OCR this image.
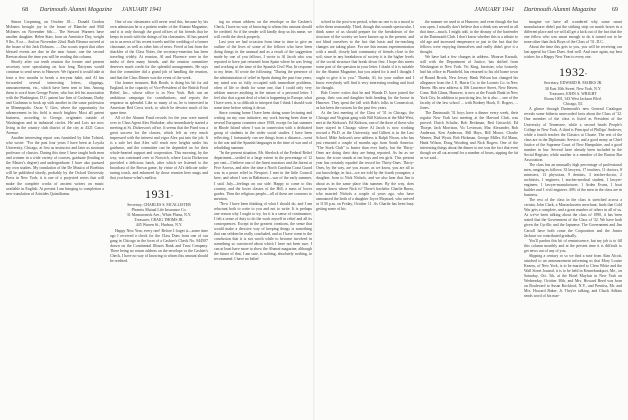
68 Dartmouth Alumni Magazine JANUARY 1941

Simon Corpening, on October 18..... Donald Gordon McInnes brought joy to the house of Blanche and Mill McInnes on November 6th..... The Stewart Warners have another daughter, Helen Starr, born on Armistice Day, weight 9 lbs., 8 oz.... And on November 22nd, Ruth Eleanor arrived at the house of the Jack Dobsons. .....Our scouts report that other blessed events are due in the near future, one the second Reeson about the time you will be reading this column.

Shortly after our tenth reunion the former and present secretary were speculating on how long Thirtyans would continue to send news to Hanover. We figured it would take at least a few months to break a ten-year habit, and Al has forwarded several interesting letters, clippings, announcements, etc., which have been sent to him. Among them is word from George Porter, who has left his association with the Washington, D.C. patent law firm of Cushman, Darby and Cushman to hook up with another in the same profession in Minneapolis. Oscar V. Gies, where the opportunity for advancement in his field is much brighter. Most all patent business, according to George, originates outside of Washington and in industrial circles. He and Lois are now living in the country club district of the city at 4321 Casco Avenue.

Another interesting report was furnished by John Tolsted, who wrote: "For the past four years I have been at Loyola University, Chicago, at first as instructor and later as assistant professor of classics. During this time I have taught both men and women in a wide variety of courses, graduate (leading to the Master's degree) and undergraduate. I have also pursued my own studies. My translation of the De Musica of Boethius will be published shortly, probably by the Oxford University Press in New York; it is one of a projected series that will make the complete works of ancient writers on music available in English. At present I am bringing to completion a new translation of Aristides Quintilianus.

One of our classmates will never read this, because by his own admission he is a patient reader of the Alumni Magazine, and it is only through the good offices of his friends that he keeps in touch with the doings of his classmates. Al has passed on to us news of his recent travels and the wedding of a former classmate, as well as other bits of news. Freed at last from the shackles of the Class Notes, the secretary-emeritus has been traveling widely. At reunion, Al and Florence were in the midst of their many friends, and the reunion committee deserves much credit for the splendid arrangements. He says that the committee did a grand job of handling the reunion, and that the Class Dinner was the event of the week.

Our former treasurer, Bob Booth, is doing his bit for aid England, in the capacity of Vice-President of the British Food Relief, Inc., whose office is in New York. Bob ran an ambitious campaign for contributions, and reports the response as splendid. Like so many of us, he is interested in American Red Cross work, to which he devotes much of his spare time.

All of the Alumni Fund records for the year were turned over to Class Agent Alex Brubaker, who immediately started a meeting at St. Dickerson's office. It seems that the Fund was a great success for the classes, which left us very much impressed with the interest and vigor Alex put into the job. It is a safe bet that Alex will reach new heights under his guidance, and the committee can be depended on for their whole-hearted support and cooperation. This morning, by the way, was continued over to Norwich, where Lucia Dickerson provided a delicious lunch, after which we listened to the broadcast of the Brown game, by virtue of Al's delicate radio-tuning touch, and enhanced by those reunion beer mugs and that you-know-what's mellow.

1931*
Secretary, CHARLES S. MCALLISTER
Phoenix Mutual Life Insurance Co.
31 Mamaroneck Ave., White Plains, N.Y.
Treasurer, CRAIG THOMS JR.
445 Warren St., Hudson, N.Y.

Happy New Year, every one! Before I forget it—some time ago I received a check for the Class Dues from one of our gang in Chicago in the form of a Cashier's Check No. 844507 drawn on the Continental Illinois Bank and Trust Company. There being no return address on the envelope or the Cashier's Check, I have no way of knowing to whom this amount should be credited.

ing no return address on the envelope or the Cashier's Check, I have no way of knowing to whom this amount should be credited. So if the sender will kindly drop us his name, we will credit the check properly.

Last year we had occasion from time to time to give an outline of the lives of some of the fellows who have been doing things in the unusual and as a result of the suggestion made by one of you fellows, I wrote to Al Jacob who was reported to have just returned from Spain where he was living and working at the time of the Spanish Civil War. In response to my letter, Al wrote the following: "During the presence of the administration of relief in Spain during the past four years, my mind was so fully occupied with immediate problems, often of life or death for some one, that I could only very seldom answer anything in the nature of a personal letter. I feel also that a great deal of what is happening in Europe, what I have seen, is so difficult to interpret that I think I should wait some time before setting it down.

Since coming home I have been doing some lecturing and writing on my own initiative, my work having been done in several European countries since 1938, except for last summer in Rhode Island when I was in connection with a dedicated group of students in the wider social studies. I have been reflecting, I fortunately can see things from a distance—went to the war and the Spanish languages in the time of war and of rebuilding summer.

"In the present situation, Mr. Sherlock of the Federal Relief department—settled to a large extent in the percentage of 12 per cent—I believe one of the finest narrators and the fairest at Five Arrows, and after the time a North Carolina Coast Guard was in a peace relief in Newport, I met in the little Council here, and when I was in Baltimore—war of the early summer, I said. July—feelings on our side. Happy to come to this country, and the lower classes of the Hill, a mess of lower grades. Then the religious people—all of these are concerns to mention.

"Now I have been thinking of what I should do, and I am reluctant both to write to you and not to write. It is perhaps one reason why I ought to try, for it is a sense of continuance; I felt a sense of duty to do the work myself in relief and all its consequences. Except in the greatest creations, the sense that would make a decisive way of keeping things is something that can seldom be really concluded, and so I have come to the conclusion that it is not worth while to become involved in something so convinced about which I have not been sure. I can at least have more to show the Alumni magazine, although the future of that, I am sure, is nothing, absolutely nothing, to recommend. I have no belief

JANUARY 1941 Dartmouth Alumni Magazine	69

solved in the post-war period, when no one is in a mood to solve them reasonably. Third, though this sounds spectacular, I think some of us should prepare for the breakdown of the structure of the society we have known up to the present, and not blind ourselves to the fact that basic and far-reaching changes are taking place. For me this means experimentation with a small, closely knit community of friends close to the soil; since in any breakdown of society it is the higher levels of the social structure that break down first. I hope this meets some part of the question in your letter. I doubt if it is suitable for the Alumni Magazine, but you asked for it and I thought I ought to give it to you." Thanks, Al, for your outline and I know everybody will find it very interesting reading and food for thought.

Bob Covert writes that he and Wanda D. have joined the group, their son and daughter both heading for the house in Hanover. They spent the fall with Bob's folks in Connecticut, as has been the custom for the past few years.

At the last meeting of the Class of '31 in Chicago, the Chicago and Virginia gang with Bill Kirkson at the Mid-West, met at the Kirkson's. Ed Kirkson, one of the three of these who have stayed in Chicago where Al Jacob is now working toward a Ph.D. at the University, and Gilbert is in the Law School. Mike Jackson's new address is Ralph Nixon, who has just returned a couple of months ago from South America. "The Stork Club" is busier than ever lately, but the Thirty-Ones are doing their duty are being reported. As far as we know, the score stands at ten boys and ten girls. This present year has certainly equaled the record for Thirty-Ones. Thirty-Ones, by the way, are you aware, as we know, you are all to our knowledge, in fact—we are told by the fourth youngster, a daughter, born to Nick Nichols, and we also hear that Jim is about as in the same place this summer. By the way, does anyone know where Nick is? There's bachelor Charlie Burns, who married Nichols a couple of years ago, who have announced the birth of a daughter Joyce Maynard, who arrived at 1130 p.m. on Friday, October 11. As Charlie has been busy getting some of his

the manner we used to at Hanover, and even though the bar was open, I actually don't believe that a drink was served in all that time—much, I might add, to the dismay of the bartender at the Dartmouth Club. I don't know whether this is a tribute to old age and increased temperance or just to the fact that the fellows were enjoying themselves and really didn't give it a thought.

We have had a few changes in address. Monroe Karasik, still with the Department of Justice, has shifted from Washington to New York. Vic King, barrister, who formerly had his office in Plainfield, has returned to his old home town of Bound Brook, New Jersey. Hank Wilson has changed his allegiance from the J. E. Harris Co. to the Loomis Co. in New Haven. His new address is 106 Lawrence Street, New Haven, Conn. Bob Glanz, Hanover, is now at the Fourth Bank in New York City. In addition to practicing law, he is also ... one of the faculty of the law school ... with Rodney Hook, E. Rogers, ... Jones.

The Dartmouth '31 boys have a dinner every week, their regular New York last meeting at the Harvard Club, was proved: Dutch Schultz, Bob Beckman, Red Griswold, Ed Thorpe, Jack Morrison, Vic Levinson, Mac Alexander, Bob Anderson, Ken Anderson, Bill Hays, Bill Moore, Charlie Warner, Dud Wyatt, Bob Hickman, George Miller, Ed Mann, Hank Wilson, Doug Wooding and Nick Rogers. One of the interesting things about the dinner to me was the fact that even though we all sat around for a number of hours, sipping the fat as we said...

imagine we have all wondered why some smart manufacturer didn't put the striking strip on match boxes in a different place and we will all get a kick out of the fact that the one fellow who was smart enough to do it turned out to be none other than Jack Boyn of the Class of '31, D.C.

About the time this gets to you, you will be receiving our last appeal for Class Dues. And well. And once again, my best wishes for a Happy New Year to every one.

1932*
Secretary, EDWARD R. MARKS JR.
30 East 10th Street, New York, N.Y.
Treasurer, JOHN A. WRIGHT
Room 1001, 343 West Jackson Blvd.
Chicago, Ill.

A glance through Dartmouth's new General Catalogue reveals some hitherto unrecorded facts about the Class of '32. One member of the class is listed as President of the University of Tennessee, while a second heads People's College in New York. A third is Principal of Phillips' Andover, while a fourth teaches the Classics at Choate. The rest of the class are in the Diplomatic Service, and a good many as Chief Justice of the Supreme Court of New Hampshire, and a good number in law. Several have already been included in the Social Register, while another is a member of the Boston Bar Association.

The class has an unusually high percentage of professional men, ranging as follows: 33 lawyers, 17 teachers, 11 doctors, 8 ministers, 13 physician, 9 dentists, 3 teacher-doctor, 2 architects, 1 engineer, 1 teacher-medical student, 1 lawyer-engineer, 1 lawyer-manufacturer, 1 Arden Evans, 1 boat builder and 1 civil engineer. 40% of the men in the class are in business.

The rest of the class in the class is stretched across a certain, John Clark, a Massachusetts merchant, finds that Cold War gets a complete, and a great number of others in all of us. As we've been talking about the class of 1890, it has been stated that the Government of the Class of '32. We have both given the Cyrillic and the Japanese. The Government and Jim Carroll have both come the Corporation and the Junior Jackson we contributed gradually.

You'll pardon this bit of reminiscence, but my job is to fill this column monthly and at the present time it is difficult to get news out of any of you.

Slipping a century or so we find a note from Alan Alcott, attached to an announcement informing us that Mary Louise Kearns, of New York, is to be married to Clem White and the Wall Street Journal, it is to be held in Kennebunkport, Me., on Saturday, Oct. 5th, at the Hotel Mayfair in New York on Wednesday, October 30th, and Mrs. Howard Reed was born on Boulevard to Susan Rockford, N.Y., and Prentiss, Mr. and Mrs. Howard Baker, Jr. They're talking, and Chuck Adkins sends word of his mar-
